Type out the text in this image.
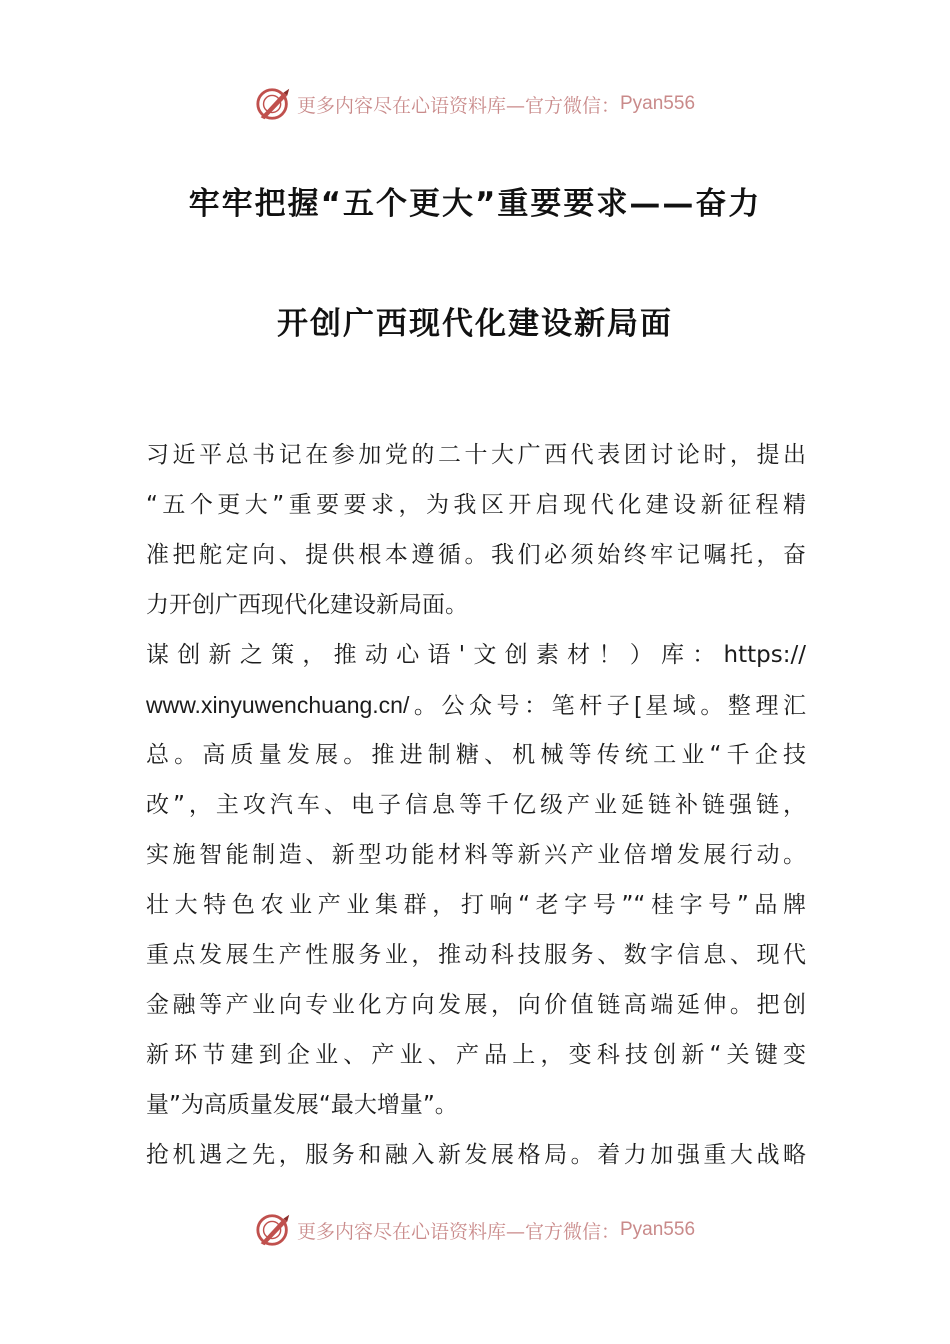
更多内容尽在心语资料库—官方微信： Pyan556
牢牢把握“五个更大”重要要求——奋力
开创广西现代化建设新局面
习近平总书记在参加党的二十大广西代表团讨论时，提出
“五个更大”重要要求，为我区开启现代化建设新征程精
准把舵定向、提供根本遵循。我们必须始终牢记嘱托，奋
力开创广西现代化建设新局面。
谋创新之策，推动心语'文创素材！）库：https://
www.xinyuwenchuang.cn/。公众号：笔杆子[星域。整理汇
总。高质量发展。推进制糖、机械等传统工业“千企技
改”，主攻汽车、电子信息等千亿级产业延链补链强链，
实施智能制造、新型功能材料等新兴产业倍增发展行动。
壮大特色农业产业集群，打响“老字号”“桂字号”品牌
重点发展生产性服务业，推动科技服务、数字信息、现代
金融等产业向专业化方向发展，向价值链高端延伸。把创
新环节建到企业、产业、产品上，变科技创新“关键变
量”为高质量发展“最大增量”。
抢机遇之先，服务和融入新发展格局。着力加强重大战略
更多内容尽在心语资料库—官方微信： Pyan556
